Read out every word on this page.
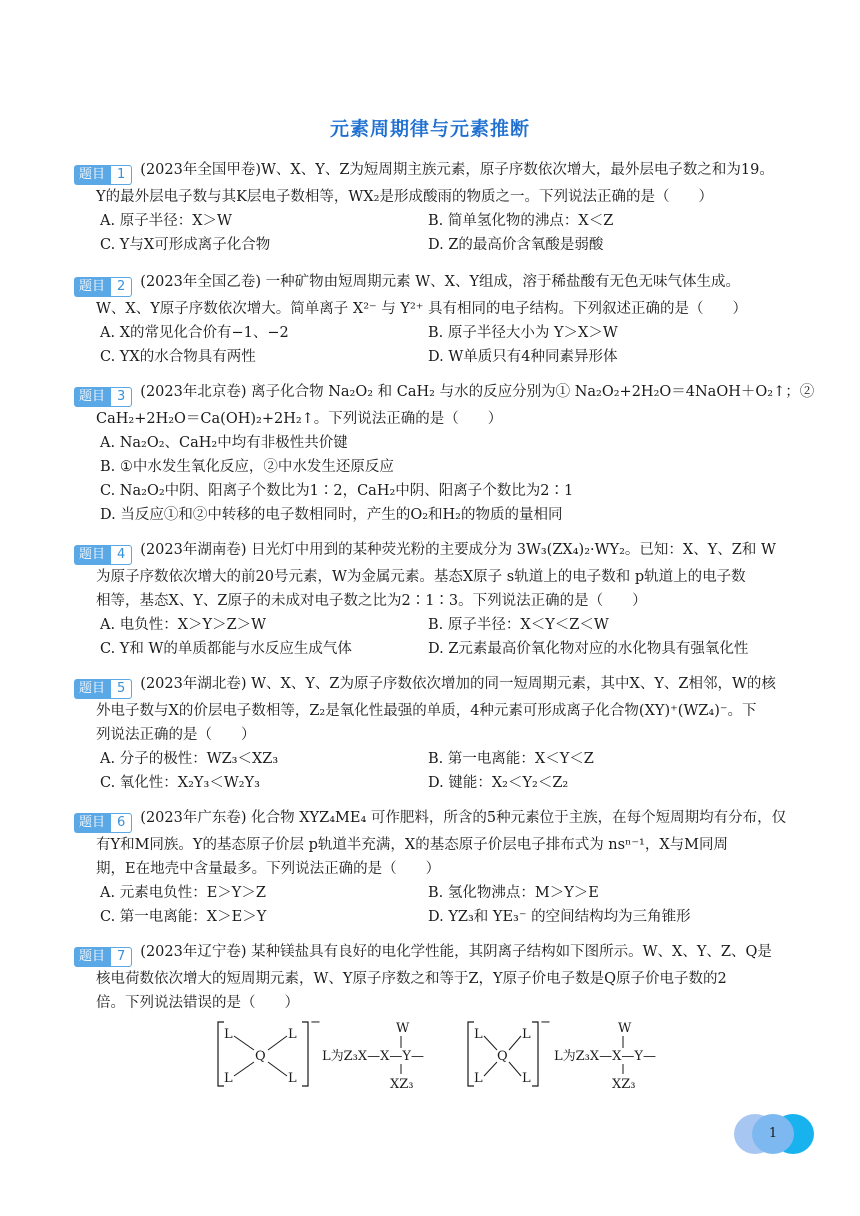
元素周期律与元素推断
题目 1	(2023年全国甲卷)W、X、Y、Z为短周期主族元素，原子序数依次增大，最外层电子数之和为19。
Y的最外层电子数与其K层电子数相等，WX₂是形成酸雨的物质之一。下列说法正确的是（　　）
A. 原子半径：X＞W	B. 简单氢化物的沸点：X＜Z
C. Y与X可形成离子化合物	D. Z的最高价含氧酸是弱酸
题目 2	(2023年全国乙卷) 一种矿物由短周期元素 W、X、Y组成，溶于稀盐酸有无色无味气体生成。
W、X、Y原子序数依次增大。简单离子 X²⁻ 与 Y²⁺ 具有相同的电子结构。下列叙述正确的是（　　）
A. X的常见化合价有−1、−2	B. 原子半径大小为 Y＞X＞W
C. YX的水合物具有两性	D. W单质只有4种同素异形体
题目 3	(2023年北京卷) 离子化合物 Na₂O₂ 和 CaH₂ 与水的反应分别为① Na₂O₂+2H₂O＝4NaOH＋O₂↑；②
CaH₂+2H₂O＝Ca(OH)₂+2H₂↑。下列说法正确的是（　　）
A. Na₂O₂、CaH₂中均有非极性共价键
B. ①中水发生氧化反应，②中水发生还原反应
C. Na₂O₂中阴、阳离子个数比为1∶2，CaH₂中阴、阳离子个数比为2∶1
D. 当反应①和②中转移的电子数相同时，产生的O₂和H₂的物质的量相同
题目 4	(2023年湖南卷) 日光灯中用到的某种荧光粉的主要成分为 3W₃(ZX₄)₂·WY₂。已知：X、Y、Z和 W
为原子序数依次增大的前20号元素，W为金属元素。基态X原子 s轨道上的电子数和 p轨道上的电子数
相等，基态X、Y、Z原子的未成对电子数之比为2∶1∶3。下列说法正确的是（　　）
A. 电负性：X＞Y＞Z＞W	B. 原子半径：X＜Y＜Z＜W
C. Y和 W的单质都能与水反应生成气体	D. Z元素最高价氧化物对应的水化物具有强氧化性
题目 5	(2023年湖北卷) W、X、Y、Z为原子序数依次增加的同一短周期元素，其中X、Y、Z相邻，W的核
外电子数与X的价层电子数相等，Z₂是氧化性最强的单质，4种元素可形成离子化合物(XY)⁺(WZ₄)⁻。下
列说法正确的是（　　）
A. 分子的极性：WZ₃＜XZ₃	B. 第一电离能：X＜Y＜Z
C. 氧化性：X₂Y₃＜W₂Y₃	D. 键能：X₂＜Y₂＜Z₂
题目 6	(2023年广东卷) 化合物 XYZ₄ME₄ 可作肥料，所含的5种元素位于主族，在每个短周期均有分布，仅
有Y和M同族。Y的基态原子价层 p轨道半充满，X的基态原子价层电子排布式为 nsⁿ⁻¹，X与M同周
期，E在地壳中含量最多。下列说法正确的是（　　）
A. 元素电负性：E＞Y＞Z	B. 氢化物沸点：M＞Y＞E
C. 第一电离能：X＞E＞Y	D. YZ₃和 YE₃⁻ 的空间结构均为三角锥形
题目 7	(2023年辽宁卷) 某种镁盐具有良好的电化学性能，其阴离子结构如下图所示。W、X、Y、Z、Q是
核电荷数依次增大的短周期元素，W、Y原子序数之和等于Z，Y原子价电子数是Q原子价电子数的2
倍。下列说法错误的是（　　）
L	L
L	L
Q
−
L为Z₃X—X—Y—
W
XZ₃
L	L
L	L
Q
−
L为Z₃X—X—Y—
W
XZ₃
1
